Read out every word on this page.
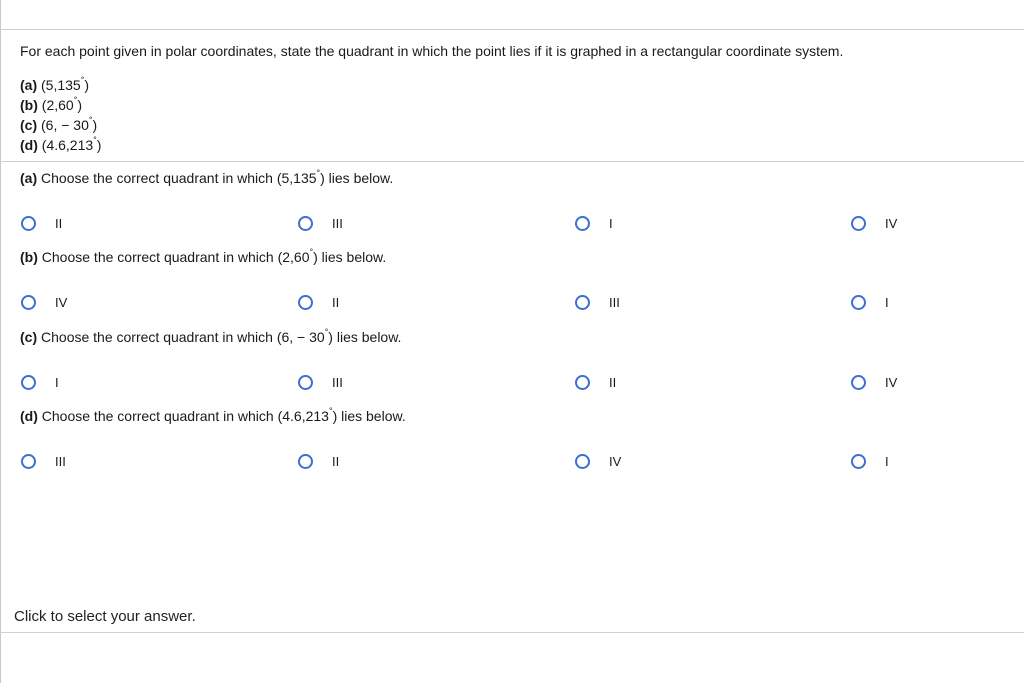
For each point given in polar coordinates, state the quadrant in which the point lies if it is graphed in a rectangular coordinate system.
(a) (5,135°)
(b) (2,60°)
(c) (6, − 30°)
(d) (4.6,213°)
(a) Choose the correct quadrant in which (5,135°) lies below.
II	III	I	IV
(b) Choose the correct quadrant in which (2,60°) lies below.
IV	II	III	I
(c) Choose the correct quadrant in which (6, − 30°) lies below.
I	III	II	IV
(d) Choose the correct quadrant in which (4.6,213°) lies below.
III	II	IV	I
Click to select your answer.
